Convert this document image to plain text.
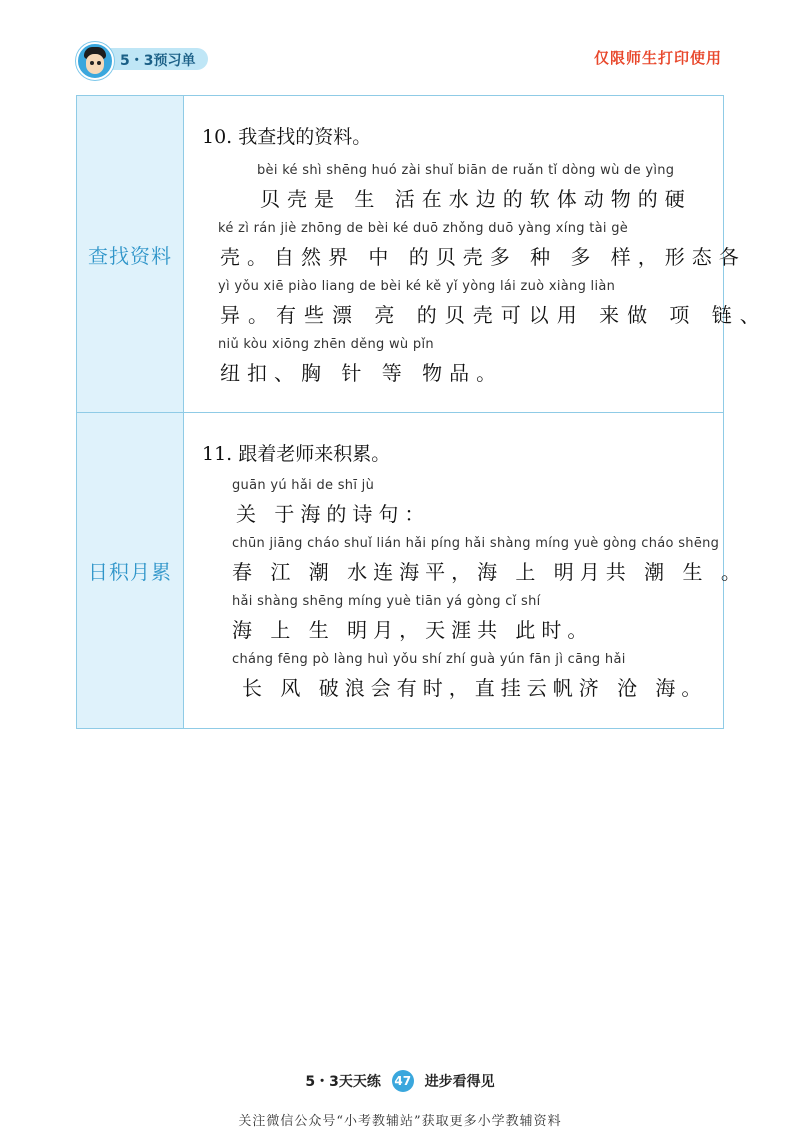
5・3预习单	仅限师生打印使用
查找资料
10. 我查找的资料。
bèi ké shì shēng huó zài shuǐ biān de ruǎn tǐ dòng wù de yìng
贝壳是 生 活在水边的软体动物的硬
ké zì rán jiè zhōng de bèi ké duō zhǒng duō yàng xíng tài gè
壳。自然界 中 的贝壳多 种 多 样，形态各
yì yǒu xiē piào liang de bèi ké kě yǐ yòng lái zuò xiàng liàn
异。有些漂 亮 的贝壳可以用 来做 项 链、
niǔ kòu xiōng zhēn děng wù pǐn
纽扣、胸 针 等 物品。
日积月累
11. 跟着老师来积累。
guān yú hǎi de shī jù
关 于海的诗句：
chūn jiāng cháo shuǐ lián hǎi píng hǎi shàng míng yuè gòng cháo shēng
春 江 潮 水连海平，海 上 明月共 潮 生 。
hǎi shàng shēng míng yuè tiān yá gòng cǐ shí
海 上 生 明月，天涯共 此时。
cháng fēng pò làng huì yǒu shí zhí guà yún fān jì cāng hǎi
长 风 破浪会有时，直挂云帆济 沧 海。
5・3天天练 47 进步看得见
关注微信公众号“小考教辅站”获取更多小学教辅资料
